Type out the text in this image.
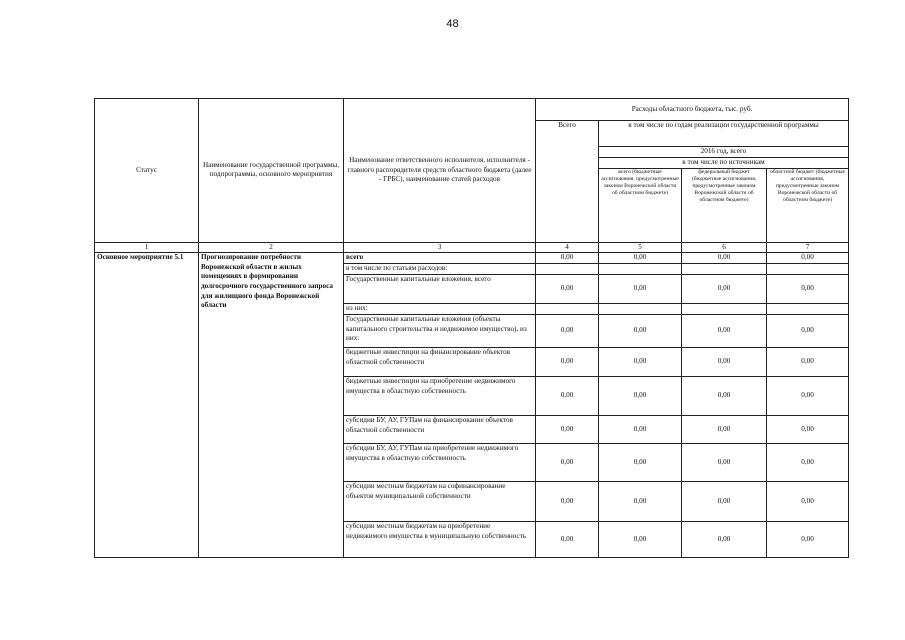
48
Статус	Наименование государственной программы, подпрограммы, основного мероприятия	Наименование ответственного исполнителя, исполнителя - главного распорядителя средств областного бюджета (далее - ГРБС), наименование статей расходов	Расходы областного бюджета, тыс. руб.			
			Всего	в том числе по годам реализации государственной программы		
				2016 год, всего		
				в том числе по источникам		
				всего (бюджетные ассигнования, предусмотренные законом Воронежской области об областном бюджете)	федеральный бюджет (бюджетные ассигнования, предусмотренные законом Воронежской области об областном бюджете)	областной бюджет (бюджетные ассигнования, предусмотренные законом Воронежской области об областном бюджете)
1	2	3	4	5	6	7
Основное мероприятие 5.1	Прогнозирование потребности Воронежской области в жилых помещениях в формировании долгосрочного государственного запроса для жилищного фонда Воронежской области	всего	0,00	0,00	0,00	0,00
		в том числе по статьям расходов:				
		Государственные капитальные вложения, всего	0,00	0,00	0,00	0,00
		из них:				
		Государственные капитальные вложения (объекты капитального строительства и недвижимое имущество), из них:	0,00	0,00	0,00	0,00
		бюджетные инвестиции на финансирование объектов областной собственности	0,00	0,00	0,00	0,00
		бюджетные инвестиции на приобретение недвижимого имущества в областную собственность	0,00	0,00	0,00	0,00
		субсидии БУ, АУ, ГУПам на финансирование объектов областной собственности	0,00	0,00	0,00	0,00
		субсидии БУ, АУ, ГУПам на приобретение недвижимого имущества в областную собственность	0,00	0,00	0,00	0,00
		субсидии местным бюджетам на софинансирование объектов муниципальной собственности	0,00	0,00	0,00	0,00
		субсидии местным бюджетам на приобретение недвижимого имущества в муниципальную собственность	0,00	0,00	0,00	0,00
